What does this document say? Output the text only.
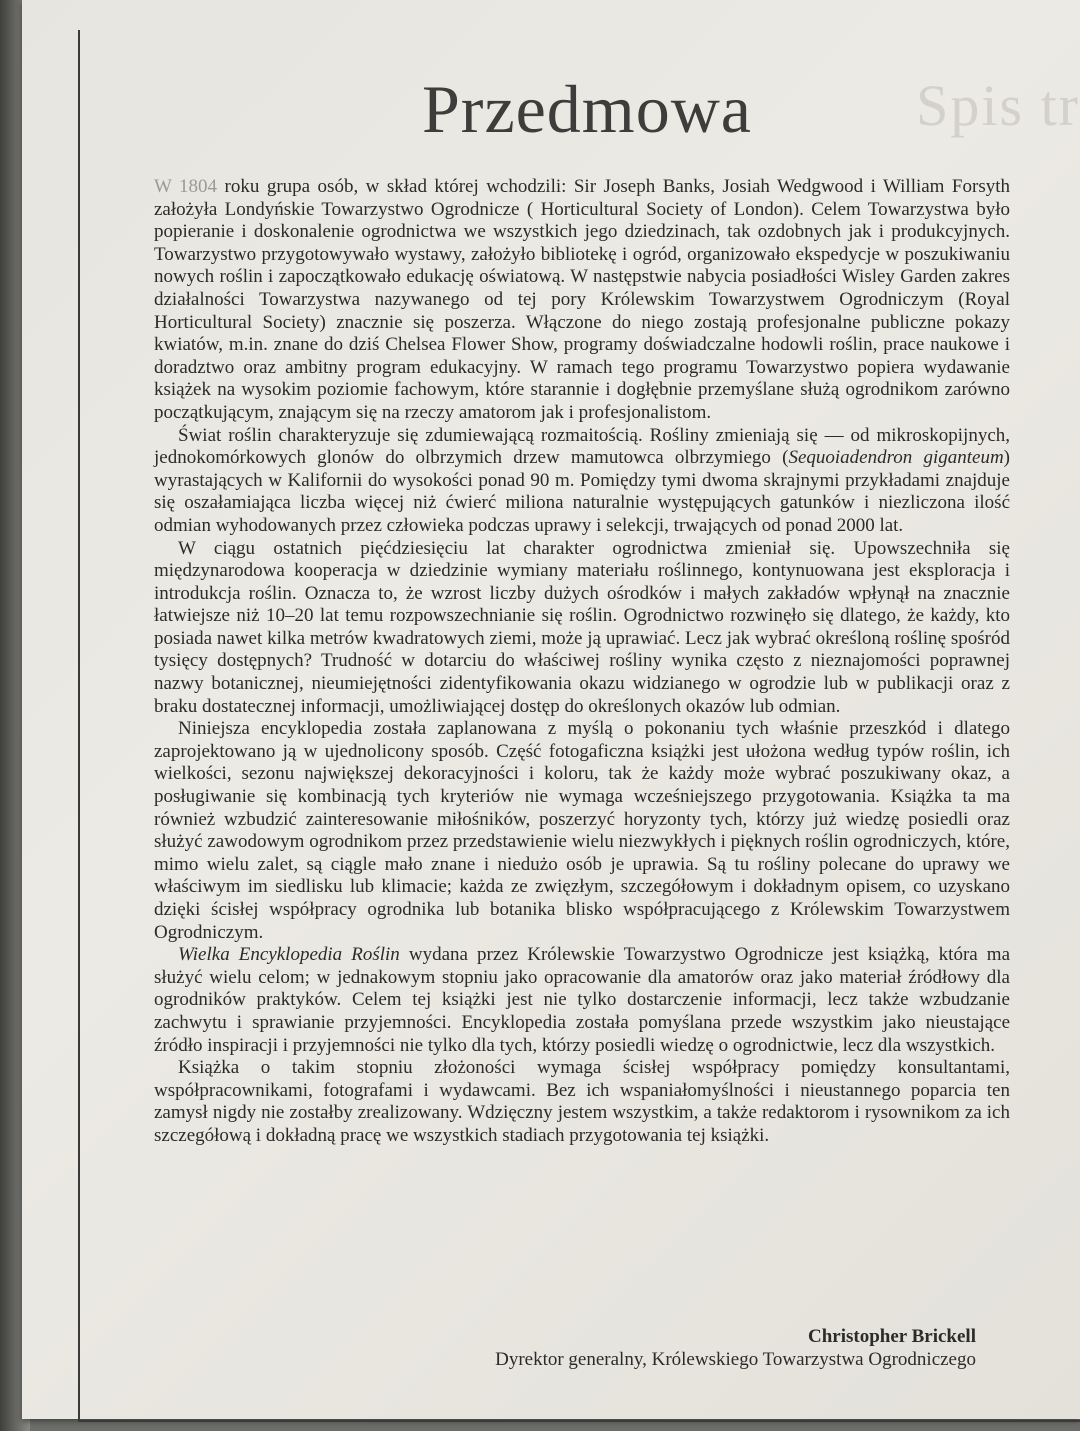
Spis tr
Przedmowa

W 1804 roku grupa osób, w skład której wchodzili: Sir Joseph Banks, Josiah Wedgwood i William Forsyth założyła Londyńskie Towarzystwo Ogrodnicze ( Horticultural Society of London). Celem Towarzystwa było popieranie i doskonalenie ogrodnictwa we wszystkich jego dziedzinach, tak ozdobnych jak i produkcyjnych. Towarzystwo przygotowywało wystawy, założyło bibliotekę i ogród, organizowało ekspedycje w poszukiwaniu nowych roślin i zapoczątkowało edukację oświatową. W następstwie nabycia posiadłości Wisley Garden zakres działalności Towarzystwa nazywanego od tej pory Królewskim Towarzystwem Ogrodniczym (Royal Horticultural Society) znacznie się poszerza. Włączone do niego zostają profesjonalne publiczne pokazy kwiatów, m.in. znane do dziś Chelsea Flower Show, programy doświadczalne hodowli roślin, prace naukowe i doradztwo oraz ambitny program edukacyjny. W ramach tego programu Towarzystwo popiera wydawanie książek na wysokim poziomie fachowym, które starannie i dogłębnie przemyślane służą ogrodnikom zarówno początkującym, znającym się na rzeczy amatorom jak i profesjonalistom.

Świat roślin charakteryzuje się zdumiewającą rozmaitością. Rośliny zmieniają się — od mikroskopijnych, jednokomórkowych glonów do olbrzymich drzew mamutowca olbrzymiego (Sequoiadendron giganteum) wyrastających w Kalifornii do wysokości ponad 90 m. Pomiędzy tymi dwoma skrajnymi przykładami znajduje się oszałamiająca liczba więcej niż ćwierć miliona naturalnie występujących gatunków i niezliczona ilość odmian wyhodowanych przez człowieka podczas uprawy i selekcji, trwających od ponad 2000 lat.

W ciągu ostatnich pięćdziesięciu lat charakter ogrodnictwa zmieniał się. Upowszechniła się międzynarodowa kooperacja w dziedzinie wymiany materiału roślinnego, kontynuowana jest eksploracja i introdukcja roślin. Oznacza to, że wzrost liczby dużych ośrodków i małych zakładów wpłynął na znacznie łatwiejsze niż 10–20 lat temu rozpowszechnianie się roślin. Ogrodnictwo rozwinęło się dlatego, że każdy, kto posiada nawet kilka metrów kwadratowych ziemi, może ją uprawiać. Lecz jak wybrać określoną roślinę spośród tysięcy dostępnych? Trudność w dotarciu do właściwej rośliny wynika często z nieznajomości poprawnej nazwy botanicznej, nieumiejętności zidentyfikowania okazu widzianego w ogrodzie lub w publikacji oraz z braku dostatecznej informacji, umożliwiającej dostęp do określonych okazów lub odmian.

Niniejsza encyklopedia została zaplanowana z myślą o pokonaniu tych właśnie przeszkód i dlatego zaprojektowano ją w ujednolicony sposób. Część fotogaficzna książki jest ułożona według typów roślin, ich wielkości, sezonu największej dekoracyjności i koloru, tak że każdy może wybrać poszukiwany okaz, a posługiwanie się kombinacją tych kryteriów nie wymaga wcześniejszego przygotowania. Książka ta ma również wzbudzić zainteresowanie miłośników, poszerzyć horyzonty tych, którzy już wiedzę posiedli oraz służyć zawodowym ogrodnikom przez przedstawienie wielu niezwykłych i pięknych roślin ogrodniczych, które, mimo wielu zalet, są ciągle mało znane i niedużo osób je uprawia. Są tu rośliny polecane do uprawy we właściwym im siedlisku lub klimacie; każda ze zwięzłym, szczegółowym i dokładnym opisem, co uzyskano dzięki ścisłej współpracy ogrodnika lub botanika blisko współpracującego z Królewskim Towarzystwem Ogrodniczym.

Wielka Encyklopedia Roślin wydana przez Królewskie Towarzystwo Ogrodnicze jest książką, która ma służyć wielu celom; w jednakowym stopniu jako opracowanie dla amatorów oraz jako materiał źródłowy dla ogrodników praktyków. Celem tej książki jest nie tylko dostarczenie informacji, lecz także wzbudzanie zachwytu i sprawianie przyjemności. Encyklopedia została pomyślana przede wszystkim jako nieustające źródło inspiracji i przyjemności nie tylko dla tych, którzy posiedli wiedzę o ogrodnictwie, lecz dla wszystkich.

Książka o takim stopniu złożoności wymaga ścisłej współpracy pomiędzy konsultantami, współpracownikami, fotografami i wydawcami. Bez ich wspaniałomyślności i nieustannego poparcia ten zamysł nigdy nie zostałby zrealizowany. Wdzięczny jestem wszystkim, a także redaktorom i rysownikom za ich szczegółową i dokładną pracę we wszystkich stadiach przygotowania tej książki.

Christopher Brickell
Dyrektor generalny, Królewskiego Towarzystwa Ogrodniczego
